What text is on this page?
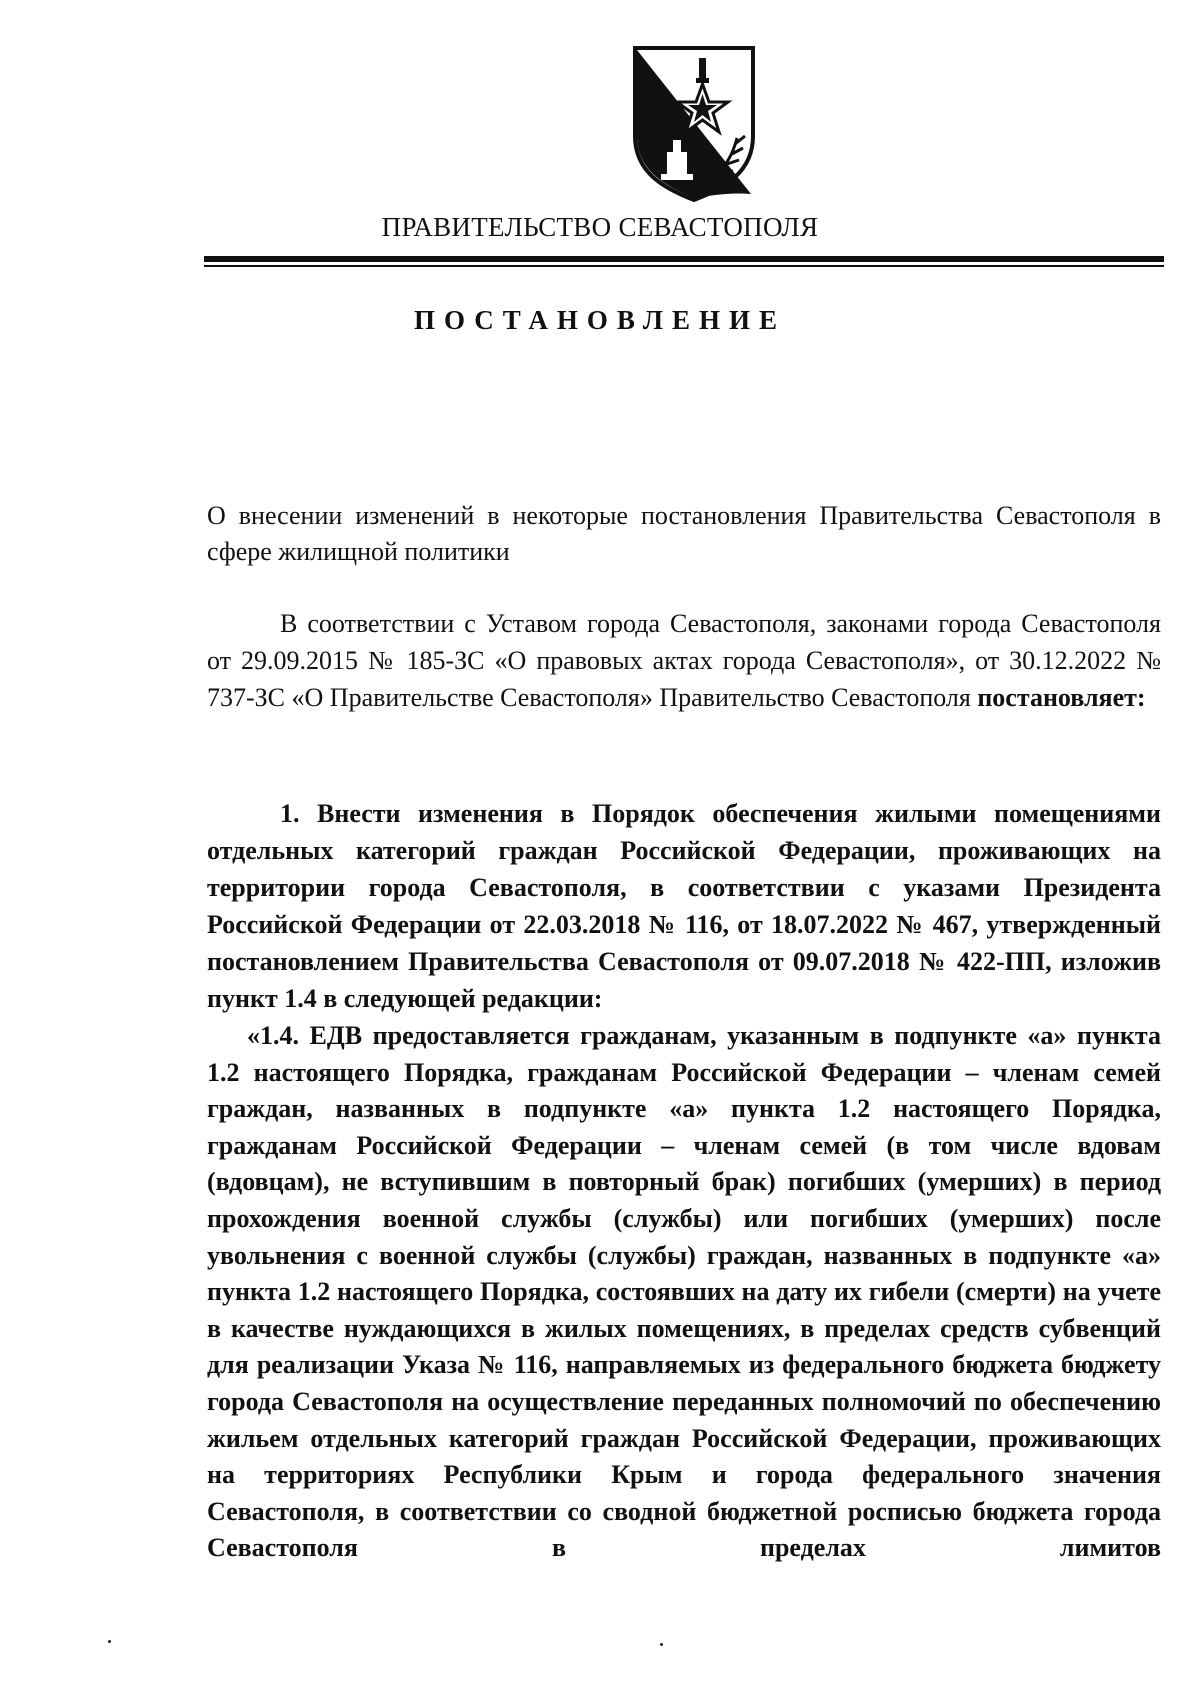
ПРАВИТЕЛЬСТВО СЕВАСТОПОЛЯ
ПОСТАНОВЛЕНИЕ
О внесении изменений в некоторые постановления Правительства Севастополя в сфере жилищной политики
В соответствии с Уставом города Севастополя, законами города Севастополя от 29.09.2015 № 185-ЗС «О правовых актах города Севастополя», от 30.12.2022 № 737-ЗС «О Правительстве Севастополя» Правительство Севастополя постановляет:
1. Внести изменения в Порядок обеспечения жилыми помещениями отдельных категорий граждан Российской Федерации, проживающих на территории города Севастополя, в соответствии с указами Президента Российской Федерации от 22.03.2018 № 116, от 18.07.2022 № 467, утвержденный постановлением Правительства Севастополя от 09.07.2018 № 422-ПП, изложив пункт 1.4 в следующей редакции:
«1.4. ЕДВ предоставляется гражданам, указанным в подпункте «а» пункта 1.2 настоящего Порядка, гражданам Российской Федерации – членам семей граждан, названных в подпункте «а» пункта 1.2 настоящего Порядка, гражданам Российской Федерации – членам семей (в том числе вдовам (вдовцам), не вступившим в повторный брак) погибших (умерших) в период прохождения военной службы (службы) или погибших (умерших) после увольнения с военной службы (службы) граждан, названных в подпункте «а» пункта 1.2 настоящего Порядка, состоявших на дату их гибели (смерти) на учете в качестве нуждающихся в жилых помещениях, в пределах средств субвенций для реализации Указа № 116, направляемых из федерального бюджета бюджету города Севастополя на осуществление переданных полномочий по обеспечению жильем отдельных категорий граждан Российской Федерации, проживающих на территориях Республики Крым и города федерального значения Севастополя, в соответствии со сводной бюджетной росписью бюджета города Севастополя в пределах лимитов
